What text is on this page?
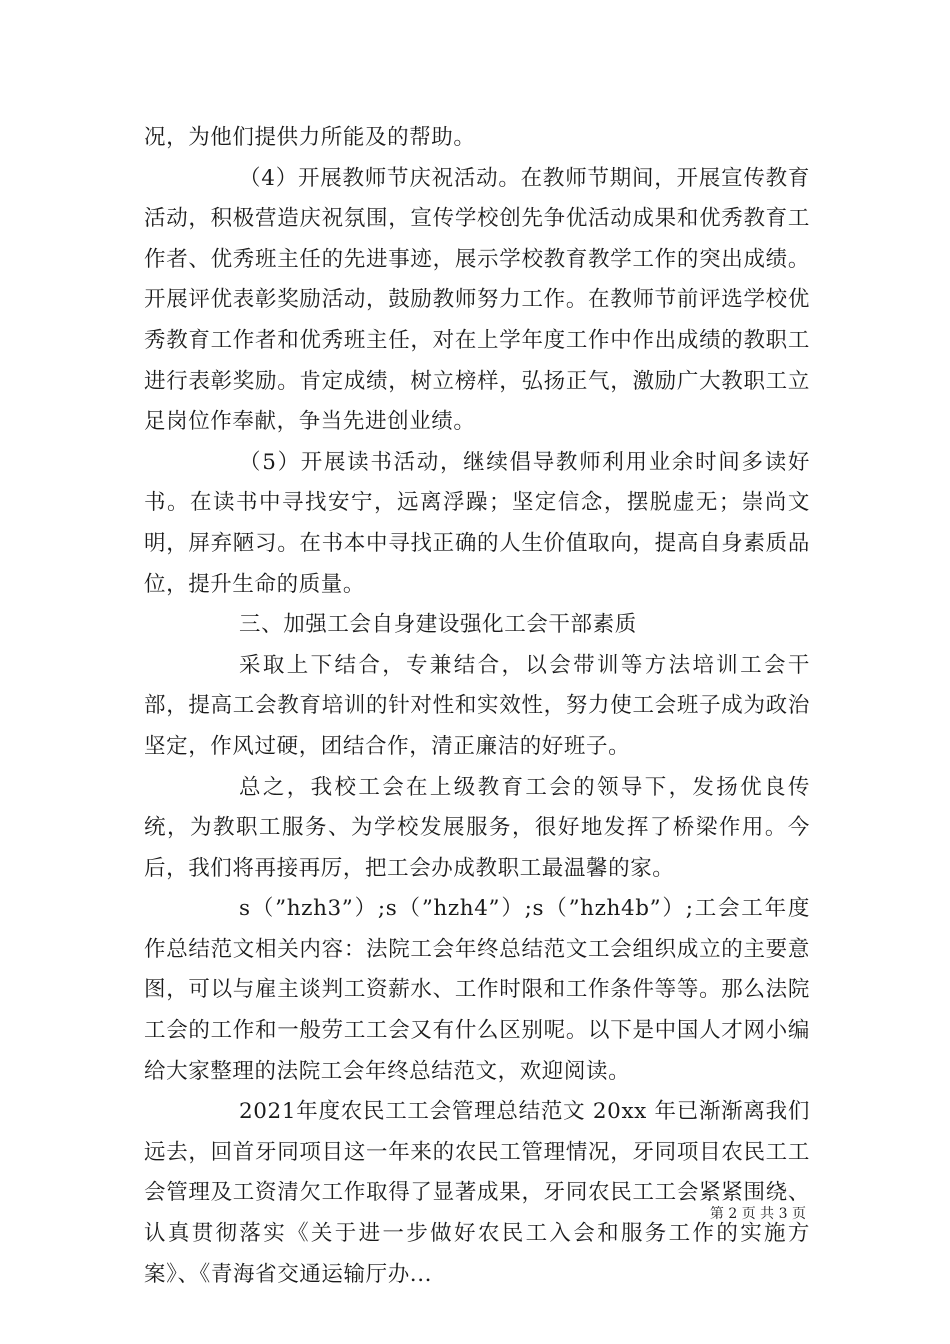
况，为他们提供力所能及的帮助。

（4）开展教师节庆祝活动。在教师节期间，开展宣传教育活动，积极营造庆祝氛围，宣传学校创先争优活动成果和优秀教育工作者、优秀班主任的先进事迹，展示学校教育教学工作的突出成绩。开展评优表彰奖励活动，鼓励教师努力工作。在教师节前评选学校优秀教育工作者和优秀班主任，对在上学年度工作中作出成绩的教职工进行表彰奖励。肯定成绩，树立榜样，弘扬正气，激励广大教职工立足岗位作奉献，争当先进创业绩。

（5）开展读书活动，继续倡导教师利用业余时间多读好书。在读书中寻找安宁，远离浮躁；坚定信念，摆脱虚无；崇尚文明，屏弃陋习。在书本中寻找正确的人生价值取向，提高自身素质品位，提升生命的质量。

三、加强工会自身建设强化工会干部素质

采取上下结合，专兼结合，以会带训等方法培训工会干部，提高工会教育培训的针对性和实效性，努力使工会班子成为政治坚定，作风过硬，团结合作，清正廉洁的好班子。

总之，我校工会在上级教育工会的领导下，发扬优良传统，为教职工服务、为学校发展服务，很好地发挥了桥梁作用。今后，我们将再接再厉，把工会办成教职工最温馨的家。

s（”hzh3”）;s（”hzh4”）;s（”hzh4b”）;工会工年度作总结范文相关内容：法院工会年终总结范文工会组织成立的主要意图，可以与雇主谈判工资薪水、工作时限和工作条件等等。那么法院工会的工作和一般劳工工会又有什么区别呢。以下是中国人才网小编给大家整理的法院工会年终总结范文，欢迎阅读。

2021年度农民工工会管理总结范文 20xx 年已渐渐离我们远去，回首牙同项目这一年来的农民工管理情况，牙同项目农民工工会管理及工资清欠工作取得了显著成果，牙同农民工工会紧紧围绕、认真贯彻落实《关于进一步做好农民工入会和服务工作的实施方案》、《青海省交通运输厅办...

第 2 页 共 3 页
